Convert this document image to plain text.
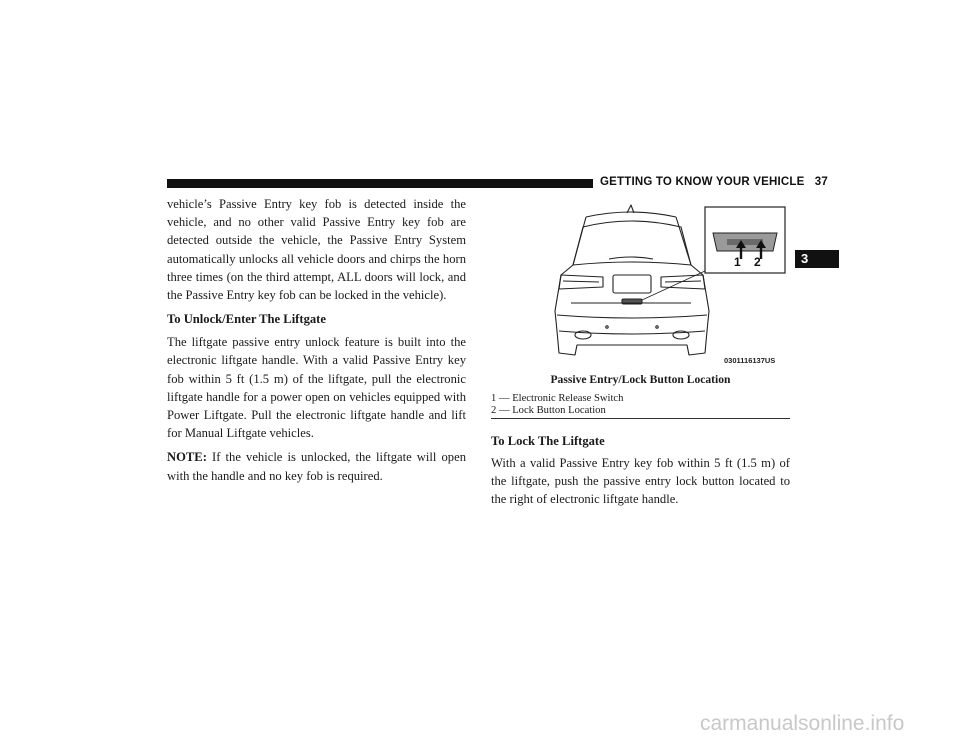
GETTING TO KNOW YOUR VEHICLE 37
3

vehicle’s Passive Entry key fob is detected inside the vehicle, and no other valid Passive Entry key fob are detected outside the vehicle, the Passive Entry System automatically unlocks all vehicle doors and chirps the horn three times (on the third attempt, ALL doors will lock, and the Passive Entry key fob can be locked in the vehicle).

To Unlock/Enter The Liftgate

The liftgate passive entry unlock feature is built into the electronic liftgate handle. With a valid Passive Entry key fob within 5 ft (1.5 m) of the liftgate, pull the electronic liftgate handle for a power open on vehicles equipped with Power Liftgate. Pull the electronic liftgate handle and lift for Manual Liftgate vehicles.

NOTE: If the vehicle is unlocked, the liftgate will open with the handle and no key fob is required.

1 2
0301116137US
Passive Entry/Lock Button Location
1 — Electronic Release Switch
2 — Lock Button Location
To Lock The Liftgate

With a valid Passive Entry key fob within 5 ft (1.5 m) of the liftgate, push the passive entry lock button located to the right of electronic liftgate handle.

carmanualsonline.info
